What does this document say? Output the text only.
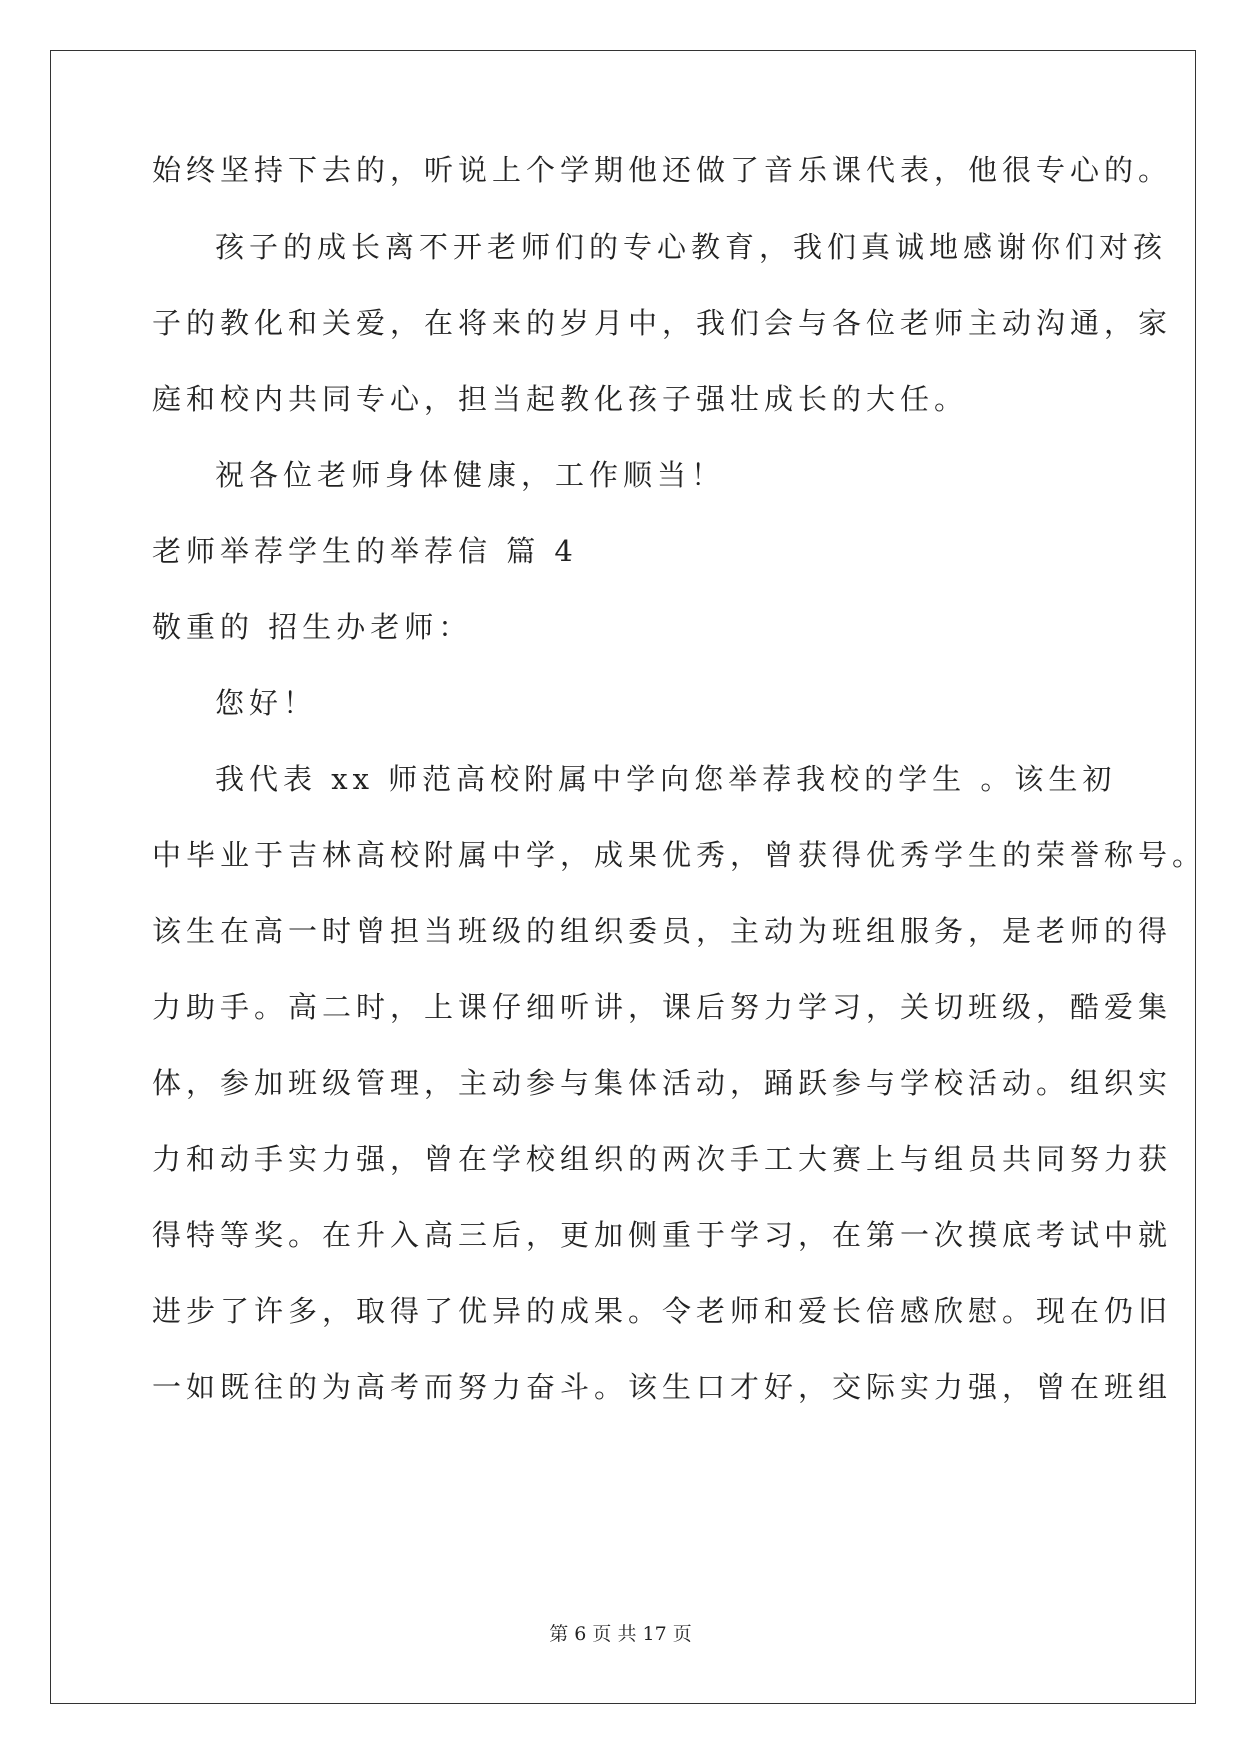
始终坚持下去的，听说上个学期他还做了音乐课代表，他很专心的。
孩子的成长离不开老师们的专心教育，我们真诚地感谢你们对孩
子的教化和关爱，在将来的岁月中，我们会与各位老师主动沟通，家
庭和校内共同专心，担当起教化孩子强壮成长的大任。
祝各位老师身体健康，工作顺当！
老师举荐学生的举荐信 篇 4
敬重的 招生办老师：
您好！
我代表 xx 师范高校附属中学向您举荐我校的学生 。该生初
中毕业于吉林高校附属中学，成果优秀，曾获得优秀学生的荣誉称号。
该生在高一时曾担当班级的组织委员，主动为班组服务，是老师的得
力助手。高二时，上课仔细听讲，课后努力学习，关切班级，酷爱集
体，参加班级管理，主动参与集体活动，踊跃参与学校活动。组织实
力和动手实力强，曾在学校组织的两次手工大赛上与组员共同努力获
得特等奖。在升入高三后，更加侧重于学习，在第一次摸底考试中就
进步了许多，取得了优异的成果。令老师和爱长倍感欣慰。现在仍旧
一如既往的为高考而努力奋斗。该生口才好，交际实力强，曾在班组
第 6 页 共 17 页
